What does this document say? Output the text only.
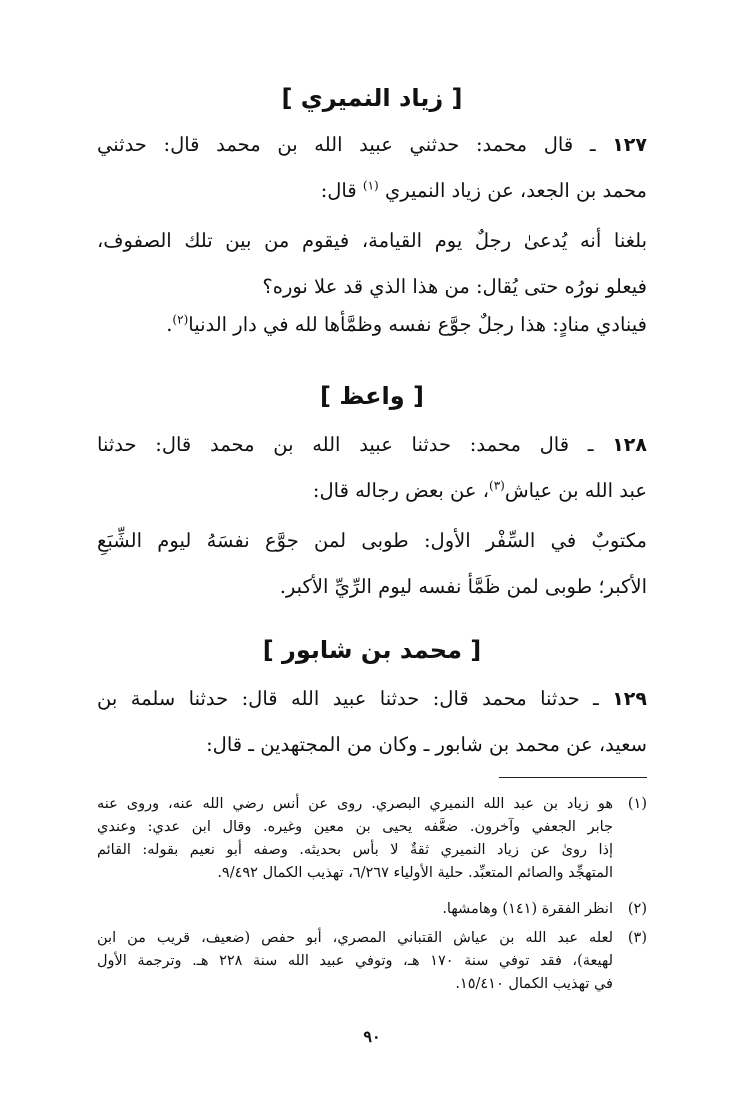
[ زياد النميري ]
١٢٧ ـ قال محمد: حدثني عبيد الله بن محمد قال: حدثني
محمد بن الجعد، عن زياد النميري $^{(١)}$ قال:
بلغنا أنه يُدعىٰ رجلٌ يوم القيامة، فيقوم من بين تلك الصفوف،
فيعلو نورُه حتى يُقال: من هذا الذي قد علا نوره؟
فينادي منادٍ: هذا رجلٌ جوَّع نفسه وظمَّأها لله في دار الدنيا$^{(٢)}$.
[ واعظ ]
١٢٨ ـ قال محمد: حدثنا عبيد الله بن محمد قال: حدثنا
عبد الله بن عياش$^{(٣)}$، عن بعض رجاله قال:
مكتوبٌ في السِّفْر الأول: طوبى لمن جوَّع نفسَهُ ليوم الشِّبَعِ
الأكبر؛ طوبى لمن ظَمَّأ نفسه ليوم الرِّيِّ الأكبر.
[ محمد بن شابور ]
١٢٩ ـ حدثنا محمد قال: حدثنا عبيد الله قال: حدثنا سلمة بن
سعيد، عن محمد بن شابور ـ وكان من المجتهدين ـ قال:
(١)
هو زياد بن عبد الله النميري البصري. روى عن أنس رضي الله عنه، وروى عنه
جابر الجعفي وآخرون. ضعَّفه يحيى بن معين وغيره. وقال ابن عدي: وعندي
إذا روىٰ عن زياد النميري ثقةٌ لا بأس بحديثه. وصفه أبو نعيم بقوله: القائم
المتهجِّد والصائم المتعبِّد. حلية الأولياء ٦/٢٦٧، تهذيب الكمال ٩/٤٩٢.
(٢)
انظر الفقرة (١٤١) وهامشها.
(٣)
لعله عبد الله بن عياش القتباني المصري، أبو حفص (ضعيف، قريب من ابن
لهيعة)، فقد توفي سنة ١٧٠ هـ، وتوفي عبيد الله سنة ٢٢٨ هـ. وترجمة الأول
في تهذيب الكمال ١٥/٤١٠.
٩٠
